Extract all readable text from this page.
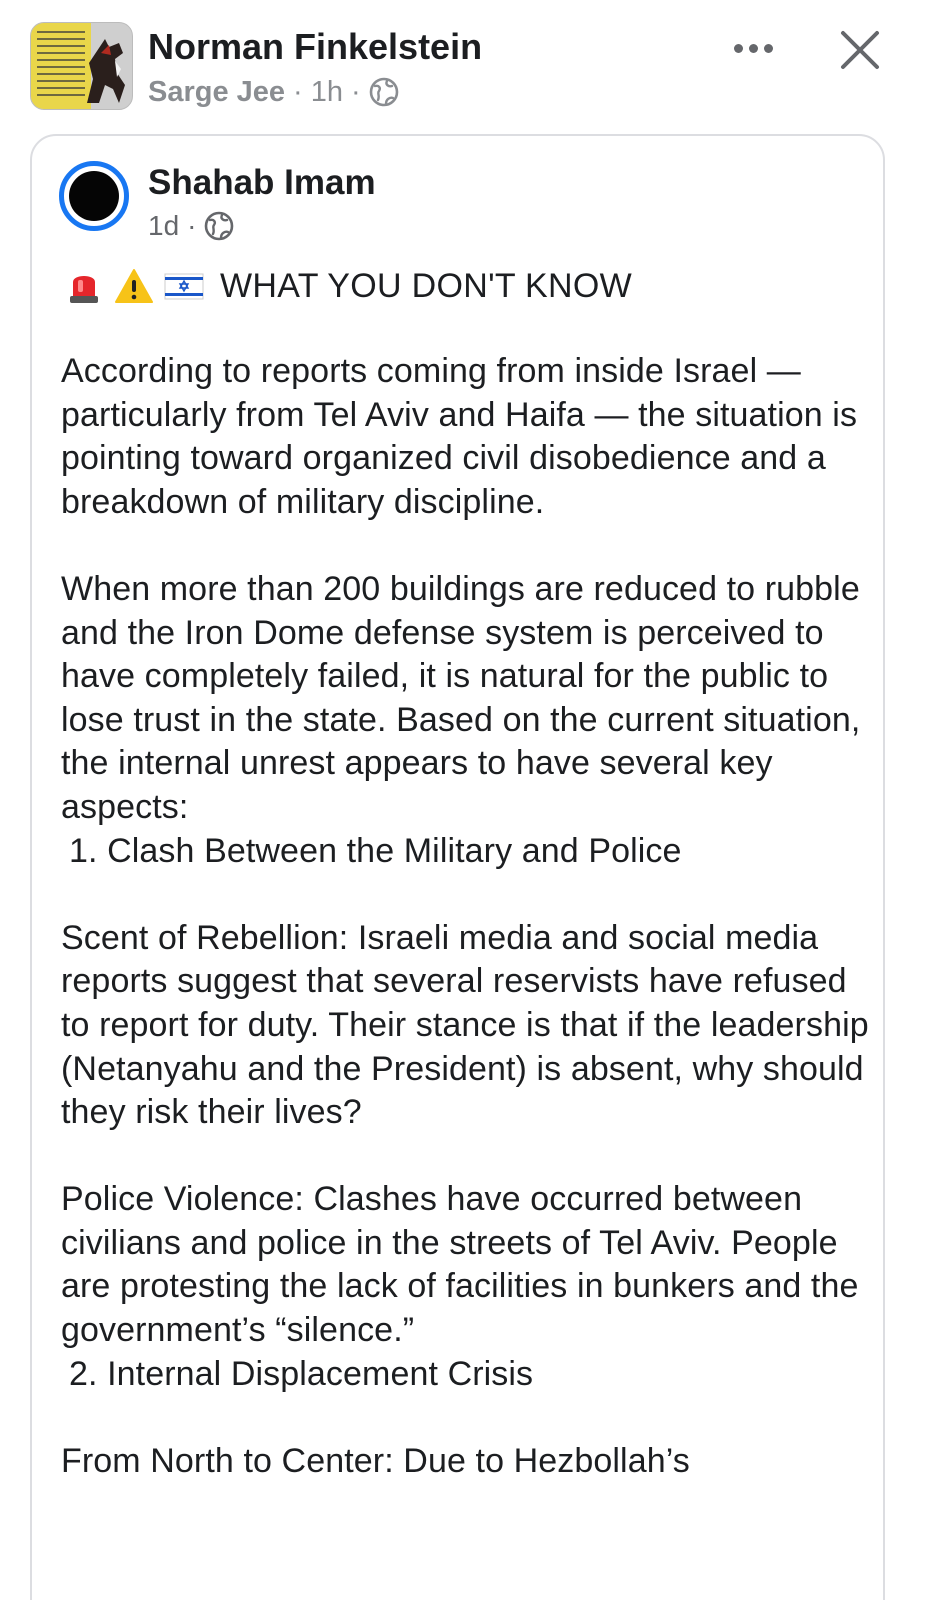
Norman Finkelstein
Sarge Jee · 1h ·
Shahab Imam
1d ·
WHAT YOU DON'T KNOW
According to reports coming from inside Israel — particularly from Tel Aviv and Haifa — the situation is pointing toward organized civil disobedience and a breakdown of military discipline.
When more than 200 buildings are reduced to rubble and the Iron Dome defense system is perceived to have completely failed, it is natural for the public to lose trust in the state. Based on the current situation, the internal unrest appears to have several key aspects:
1. Clash Between the Military and Police
Scent of Rebellion: Israeli media and social media reports suggest that several reservists have refused to report for duty. Their stance is that if the leadership (Netanyahu and the President) is absent, why should they risk their lives?
Police Violence: Clashes have occurred between civilians and police in the streets of Tel Aviv. People are protesting the lack of facilities in bunkers and the government’s “silence.”
2. Internal Displacement Crisis
From North to Center: Due to Hezbollah’s
